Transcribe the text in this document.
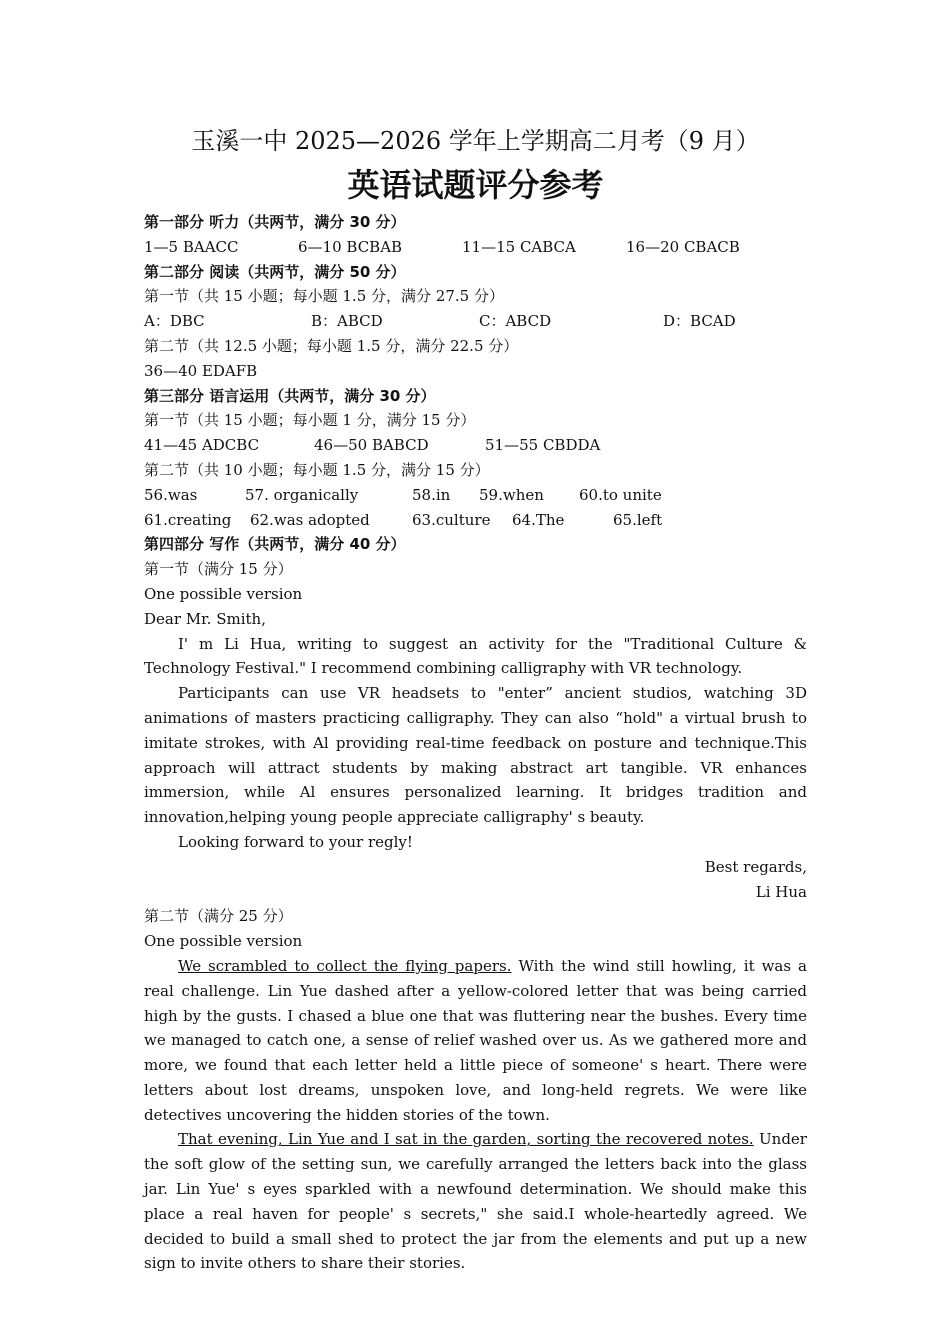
玉溪一中 2025—2026 学年上学期高二月考（9 月）
英语试题评分参考
第一部分 听力（共两节，满分 30 分）
1—5 BAACC	6—10 BCBAB	11—15 CABCA	16—20 CBACB
第二部分 阅读（共两节，满分 50 分）
第一节（共 15 小题；每小题 1.5 分，满分 27.5 分）
A：DBC	B：ABCD	C：ABCD	D：BCAD
第二节（共 12.5 小题；每小题 1.5 分，满分 22.5 分）
36—40 EDAFB
第三部分 语言运用（共两节，满分 30 分）
第一节（共 15 小题；每小题 1 分，满分 15 分）
41—45 ADCBC	46—50 BABCD	51—55 CBDDA
第二节（共 10 小题；每小题 1.5 分，满分 15 分）
56.was	57. organically	58.in	59.when	60.to unite
61.creating	62.was adopted	63.culture	64.The	65.left
第四部分 写作（共两节，满分 40 分）
第一节（满分 15 分）
One possible version
Dear Mr. Smith,

I' m Li Hua, writing to suggest an activity for the "Traditional Culture & Technology Festival." I recommend combining calligraphy with VR technology.

Participants can use VR headsets to "enter” ancient studios, watching 3D animations of masters practicing calligraphy. They can also “hold" a virtual brush to imitate strokes, with Al providing real-time feedback on posture and technique.This approach will attract students by making abstract art tangible. VR enhances immersion, while Al ensures personalized learning. It bridges tradition and innovation,helping young people appreciate calligraphy' s beauty.

Looking forward to your regly!

Best regards,
Li Hua
第二节（满分 25 分）
One possible version

We scrambled to collect the flying papers. With the wind still howling, it was a real challenge. Lin Yue dashed after a yellow-colored letter that was being carried high by the gusts. I chased a blue one that was fluttering near the bushes. Every time we managed to catch one, a sense of relief washed over us. As we gathered more and more, we found that each letter held a little piece of someone' s heart. There were letters about lost dreams, unspoken love, and long-held regrets. We were like detectives uncovering the hidden stories of the town.

That evening, Lin Yue and I sat in the garden, sorting the recovered notes. Under the soft glow of the setting sun, we carefully arranged the letters back into the glass jar. Lin Yue' s eyes sparkled with a newfound determination. We should make this place a real haven for people' s secrets," she said.I whole-heartedly agreed. We decided to build a small shed to protect the jar from the elements and put up a new sign to invite others to share their stories.
